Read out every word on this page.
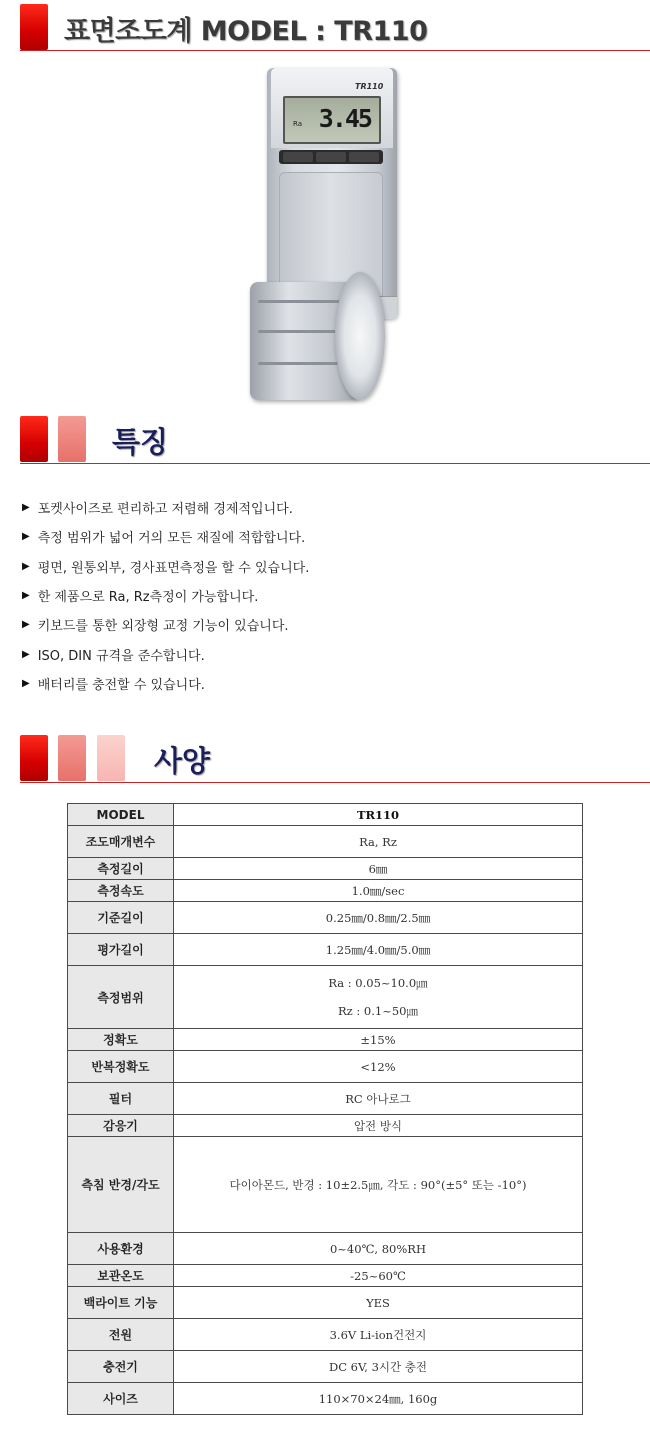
표면조도계 MODEL : TR110
TR110
Ra 3.45
특징
▶ 포켓사이즈로 편리하고 저렴해 경제적입니다.
▶ 측정 범위가 넓어 거의 모든 재질에 적합합니다.
▶ 평면, 원통외부, 경사표면측정을 할 수 있습니다.
▶ 한 제품으로 Ra, Rz측정이 가능합니다.
▶ 키보드를 통한 외장형 교정 기능이 있습니다.
▶ ISO, DIN 규격을 준수합니다.
▶ 배터리를 충전할 수 있습니다.
사양
MODEL	TR110
조도매개변수	Ra, Rz
측정길이	6㎜
측정속도	1.0㎜/sec
기준길이	0.25㎜/0.8㎜/2.5㎜
평가길이	1.25㎜/4.0㎜/5.0㎜
측정범위	Ra : 0.05~10.0㎛
Rz : 0.1~50㎛

정확도	±15%
반복정확도	<12%
필터	RC 아나로그
감응기	압전 방식
측침 반경/각도	다이아몬드, 반경 : 10±2.5㎛, 각도 : 90°(±5° 또는 -10°)
사용환경	0~40℃, 80%RH
보관온도	-25~60℃
백라이트 기능	YES
전원	3.6V Li-ion건전지
충전기	DC 6V, 3시간 충전
사이즈	110×70×24㎜, 160g
